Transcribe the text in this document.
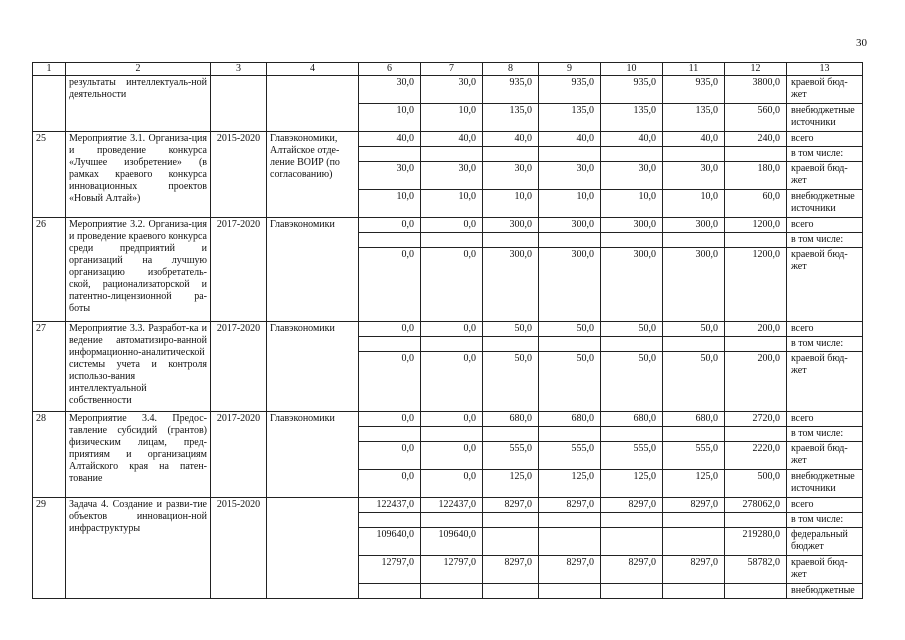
30
1	2	3	4	6	7	8	9	10	11	12	13
	результаты интеллектуаль-ной деятельности			30,0	30,0	935,0	935,0	935,0	935,0	3800,0	краевой бюд-жет
				10,0	10,0	135,0	135,0	135,0	135,0	560,0	внебюджетные источники
25	Мероприятие 3.1. Организа-ция и проведение конкурса «Лучшее изобретение» (в рамках краевого конкурса инновационных проектов «Новый Алтай»)	2015-2020	Главэкономики, Алтайское отде-ление ВОИР (по согласованию)	40,0	40,0	40,0	40,0	40,0	40,0	240,0	всего
											в том числе:
				30,0	30,0	30,0	30,0	30,0	30,0	180,0	краевой бюд-жет
				10,0	10,0	10,0	10,0	10,0	10,0	60,0	внебюджетные источники
26	Мероприятие 3.2. Организа-ция и проведение краевого конкурса среди предприятий и организаций на лучшую организацию изобретатель-ской, рационализаторской и патентно-лицензионной ра-боты	2017-2020	Главэкономики	0,0	0,0	300,0	300,0	300,0	300,0	1200,0	всего
											в том числе:
				0,0	0,0	300,0	300,0	300,0	300,0	1200,0	краевой бюд-жет
27	Мероприятие 3.3. Разработ-ка и ведение автоматизиро-ванной информационно-аналитической системы учета и контроля использо-вания интеллектуальной собственности	2017-2020	Главэкономики	0,0	0,0	50,0	50,0	50,0	50,0	200,0	всего
											в том числе:
				0,0	0,0	50,0	50,0	50,0	50,0	200,0	краевой бюд-жет
28	Мероприятие 3.4. Предос-тавление субсидий (грантов) физическим лицам, пред-приятиям и организациям Алтайского края на патен-тование	2017-2020	Главэкономики	0,0	0,0	680,0	680,0	680,0	680,0	2720,0	всего
											в том числе:
				0,0	0,0	555,0	555,0	555,0	555,0	2220,0	краевой бюд-жет
				0,0	0,0	125,0	125,0	125,0	125,0	500,0	внебюджетные источники
29	Задача 4. Создание и разви-тие объектов инновацион-ной инфраструктуры	2015-2020		122437,0	122437,0	8297,0	8297,0	8297,0	8297,0	278062,0	всего
											в том числе:
				109640,0	109640,0					219280,0	федеральный бюджет
				12797,0	12797,0	8297,0	8297,0	8297,0	8297,0	58782,0	краевой бюд-жет
											внебюджетные
